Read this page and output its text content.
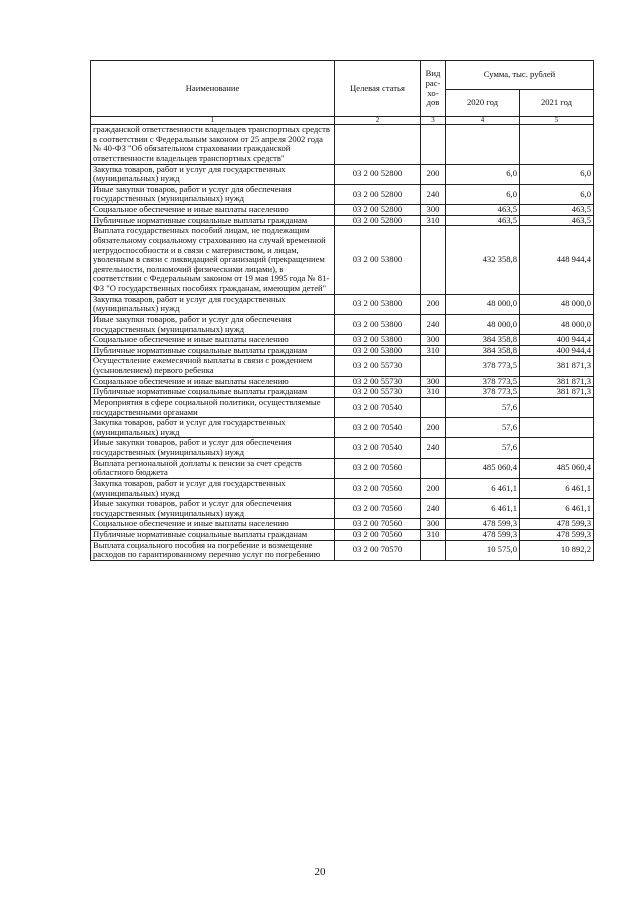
Наименование	Целевая статья	Вид рас-хо-дов	Сумма, тыс. рублей	
			2020 год	2021 год
1	2	3	4	5
гражданской ответственности владельцев транспортных средств в соответствии с Федеральным законом от 25 апреля 2002 года № 40-ФЗ "Об обязательном страховании гражданской ответственности владельцев транспортных средств"				
Закупка товаров, работ и услуг для государственных (муниципальных) нужд	03 2 00 52800	200	6,0	6,0
Иные закупки товаров, работ и услуг для обеспечения государственных (муниципальных) нужд	03 2 00 52800	240	6,0	6,0
Социальное обеспечение и иные выплаты населению	03 2 00 52800	300	463,5	463,5
Публичные нормативные социальные выплаты гражданам	03 2 00 52800	310	463,5	463,5
Выплата государственных пособий лицам, не подлежащим обязательному социальному страхованию на случай временной нетрудоспособности и в связи с материнством, и лицам, уволенным в связи с ликвидацией организаций (прекращением деятельности, полномочий физическими лицами), в соответствии с Федеральным законом от 19 мая 1995 года № 81-ФЗ "О государственных пособиях гражданам, имеющим детей"	03 2 00 53800		432 358,8	448 944,4
Закупка товаров, работ и услуг для государственных (муниципальных) нужд	03 2 00 53800	200	48 000,0	48 000,0
Иные закупки товаров, работ и услуг для обеспечения государственных (муниципальных) нужд	03 2 00 53800	240	48 000,0	48 000,0
Социальное обеспечение и иные выплаты населению	03 2 00 53800	300	384 358,8	400 944,4
Публичные нормативные социальные выплаты гражданам	03 2 00 53800	310	384 358,8	400 944,4
Осуществление ежемесячной выплаты в связи с рождением (усыновлением) первого ребенка	03 2 00 55730		378 773,5	381 871,3
Социальное обеспечение и иные выплаты населению	03 2 00 55730	300	378 773,5	381 871,3
Публичные нормативные социальные выплаты гражданам	03 2 00 55730	310	378 773,5	381 871,3
Мероприятия в сфере социальной политики, осуществляемые государственными органами	03 2 00 70540		57,6	
Закупка товаров, работ и услуг для государственных (муниципальных) нужд	03 2 00 70540	200	57,6	
Иные закупки товаров, работ и услуг для обеспечения государственных (муниципальных) нужд	03 2 00 70540	240	57,6	
Выплата региональной доплаты к пенсии за счет средств областного бюджета	03 2 00 70560		485 060,4	485 060,4
Закупка товаров, работ и услуг для государственных (муниципальных) нужд	03 2 00 70560	200	6 461,1	6 461,1
Иные закупки товаров, работ и услуг для обеспечения государственных (муниципальных) нужд	03 2 00 70560	240	6 461,1	6 461,1
Социальное обеспечение и иные выплаты населению	03 2 00 70560	300	478 599,3	478 599,3
Публичные нормативные социальные выплаты гражданам	03 2 00 70560	310	478 599,3	478 599,3
Выплата социального пособия на погребение и возмещение расходов по гарантированному перечню услуг по погребению	03 2 00 70570		10 575,0	10 892,2
20
